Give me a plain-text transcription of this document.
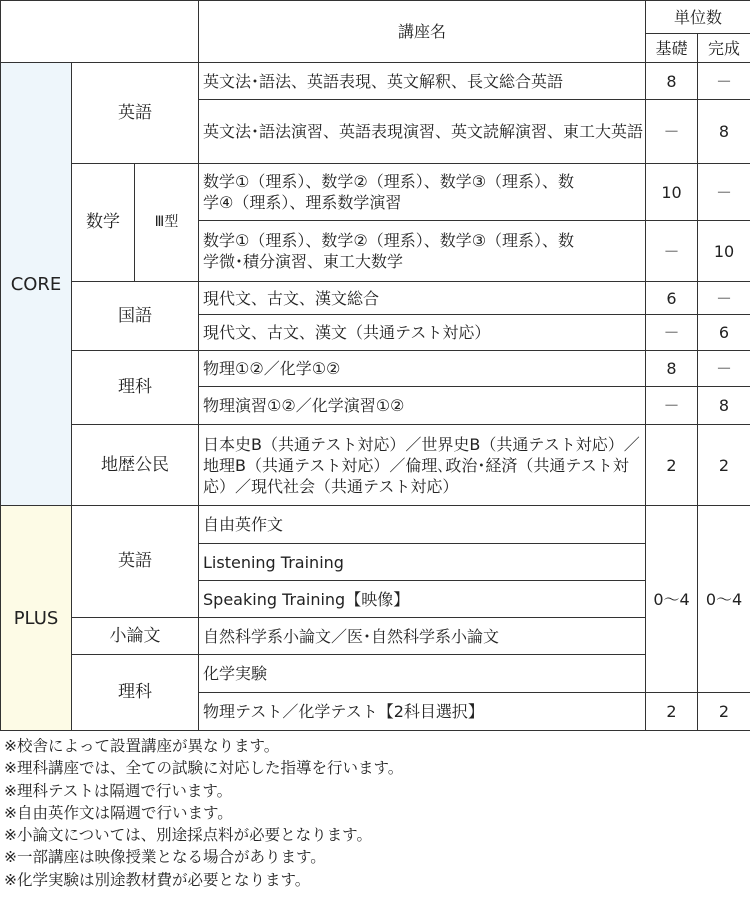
			講座名	単位数	
				基礎	完成
CORE	英語		英文法･語法、英語表現、英文解釈、長文総合英語	8	－
			英文法･語法演習、英語表現演習、英文読解演習、東工大英語	－	8
	数学	Ⅲ型	数学①（理系）、数学②（理系）、数学③（理系）、数学④（理系）、理系数学演習	10	－
			数学①（理系）、数学②（理系）、数学③（理系）、数学微･積分演習、東工大数学	－	10
	国語		現代文、古文、漢文総合	6	－
			現代文、古文、漢文（共通テスト対応）	－	6
	理科		物理①②／化学①②	8	－
			物理演習①②／化学演習①②	－	8
	地歴公民		日本史B（共通テスト対応）／世界史B（共通テスト対応）／地理B（共通テスト対応）／倫理､政治･経済（共通テスト対応）／現代社会（共通テスト対応）	2	2
PLUS	英語		自由英作文	0～4	0～4
			Listening Training		
			Speaking Training【映像】		
	小論文		自然科学系小論文／医･自然科学系小論文		
	理科		化学実験		
			物理テスト／化学テスト【2科目選択】	2	2
※校舎によって設置講座が異なります。
※理科講座では、全ての試験に対応した指導を行います。
※理科テストは隔週で行います。
※自由英作文は隔週で行います。
※小論文については、別途採点料が必要となります。
※一部講座は映像授業となる場合があります。
※化学実験は別途教材費が必要となります。
